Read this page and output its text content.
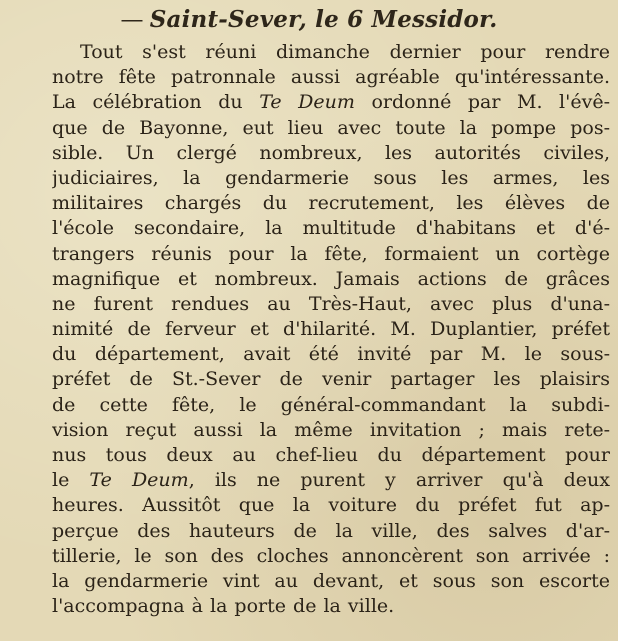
— Saint-Sever, le 6 Messidor.
Tout s'est réuni dimanche dernier pour rendre
notre fête patronnale aussi agréable qu'intéressante.
La célébration du Te Deum ordonné par M. l'évê-
que de Bayonne, eut lieu avec toute la pompe pos-
sible. Un clergé nombreux, les autorités civiles,
judiciaires, la gendarmerie sous les armes, les
militaires chargés du recrutement, les élèves de
l'école secondaire, la multitude d'habitans et d'é-
trangers réunis pour la fête, formaient un cortège
magnifique et nombreux. Jamais actions de grâces
ne furent rendues au Très-Haut, avec plus d'una-
nimité de ferveur et d'hilarité. M. Duplantier, préfet
du département, avait été invité par M. le sous-
préfet de St.-Sever de venir partager les plaisirs
de cette fête, le général-commandant la subdi-
vision reçut aussi la même invitation ; mais rete-
nus tous deux au chef-lieu du département pour
le Te Deum, ils ne purent y arriver qu'à deux
heures. Aussitôt que la voiture du préfet fut ap-
perçue des hauteurs de la ville, des salves d'ar-
tillerie, le son des cloches annoncèrent son arrivée :
la gendarmerie vint au devant, et sous son escorte
l'accompagna à la porte de la ville.
